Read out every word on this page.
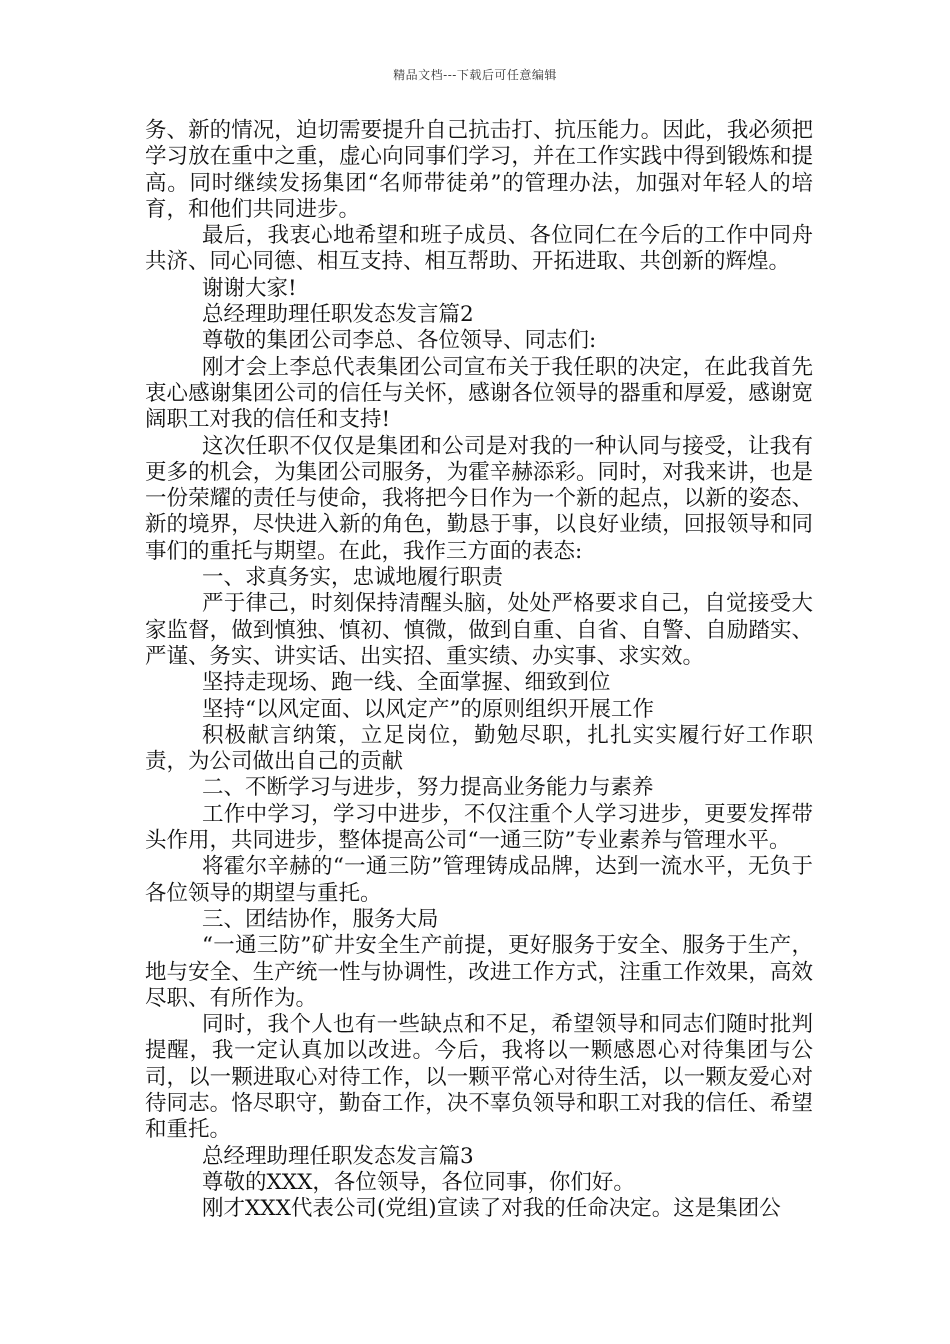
精品文档---下载后可任意编辑

务、新的情况，迫切需要提升自己抗击打、抗压能力。因此，我必须把学习放在重中之重，虚心向同事们学习，并在工作实践中得到锻炼和提高。同时继续发扬集团“名师带徒弟”的管理办法，加强对年轻人的培育，和他们共同进步。

最后，我衷心地希望和班子成员、各位同仁在今后的工作中同舟共济、同心同德、相互支持、相互帮助、开拓进取、共创新的辉煌。

谢谢大家!

总经理助理任职发态发言篇2

尊敬的集团公司李总、各位领导、同志们:

刚才会上李总代表集团公司宣布关于我任职的决定，在此我首先衷心感谢集团公司的信任与关怀，感谢各位领导的器重和厚爱，感谢宽阔职工对我的信任和支持!

这次任职不仅仅是集团和公司是对我的一种认同与接受，让我有更多的机会，为集团公司服务，为霍辛赫添彩。同时，对我来讲，也是一份荣耀的责任与使命，我将把今日作为一个新的起点，以新的姿态、新的境界，尽快进入新的角色，勤恳于事，以良好业绩，回报领导和同事们的重托与期望。在此，我作三方面的表态:

一、求真务实，忠诚地履行职责

严于律己，时刻保持清醒头脑，处处严格要求自己，自觉接受大家监督，做到慎独、慎初、慎微，做到自重、自省、自警、自励踏实、严谨、务实、讲实话、出实招、重实绩、办实事、求实效。

坚持走现场、跑一线、全面掌握、细致到位

坚持“以风定面、以风定产”的原则组织开展工作

积极献言纳策，立足岗位，勤勉尽职，扎扎实实履行好工作职责，为公司做出自己的贡献

二、不断学习与进步，努力提高业务能力与素养

工作中学习，学习中进步，不仅注重个人学习进步，更要发挥带头作用，共同进步，整体提高公司“一通三防”专业素养与管理水平。

将霍尔辛赫的“一通三防”管理铸成品牌，达到一流水平，无负于各位领导的期望与重托。

三、团结协作，服务大局

“一通三防”矿井安全生产前提，更好服务于安全、服务于生产，地与安全、生产统一性与协调性，改进工作方式，注重工作效果，高效尽职、有所作为。

同时，我个人也有一些缺点和不足，希望领导和同志们随时批判提醒，我一定认真加以改进。今后，我将以一颗感恩心对待集团与公司，以一颗进取心对待工作，以一颗平常心对待生活，以一颗友爱心对待同志。恪尽职守，勤奋工作，决不辜负领导和职工对我的信任、希望和重托。

总经理助理任职发态发言篇3

尊敬的XXX，各位领导，各位同事，你们好。

刚才XXX代表公司(党组)宣读了对我的任命决定。这是集团公
